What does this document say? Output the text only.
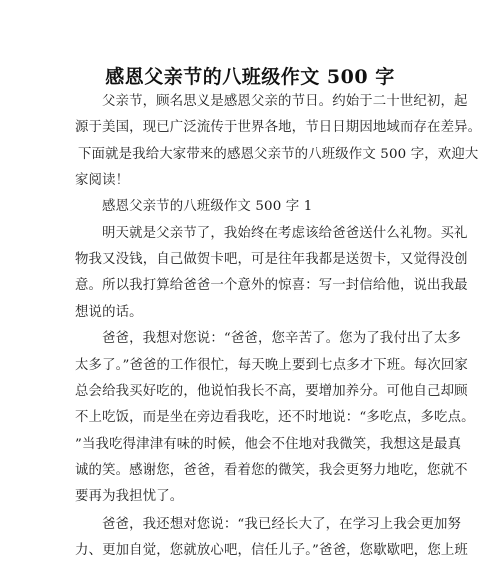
感恩父亲节的八班级作文 500 字
父亲节，顾名思义是感恩父亲的节日。约始于二十世纪初，起
源于美国，现已广泛流传于世界各地，节日日期因地域而存在差异。
下面就是我给大家带来的感恩父亲节的八班级作文 500 字，欢迎大
家阅读！
感恩父亲节的八班级作文 500 字 1
明天就是父亲节了，我始终在考虑该给爸爸送什么礼物。买礼
物我又没钱，自己做贺卡吧，可是往年我都是送贺卡，又觉得没创
意。所以我打算给爸爸一个意外的惊喜：写一封信给他，说出我最
想说的话。
爸爸，我想对您说：“爸爸，您辛苦了。您为了我付出了太多
太多了。”爸爸的工作很忙，每天晚上要到七点多才下班。每次回家
总会给我买好吃的，他说怕我长不高，要增加养分。可他自己却顾
不上吃饭，而是坐在旁边看我吃，还不时地说：“多吃点，多吃点。
”当我吃得津津有味的时候，他会不住地对我微笑，我想这是最真
诚的笑。感谢您，爸爸，看着您的微笑，我会更努力地吃，您就不
要再为我担忧了。
爸爸，我还想对您说：“我已经长大了，在学习上我会更加努
力、更加自觉，您就放心吧，信任儿子。”爸爸，您歇歇吧，您上班
